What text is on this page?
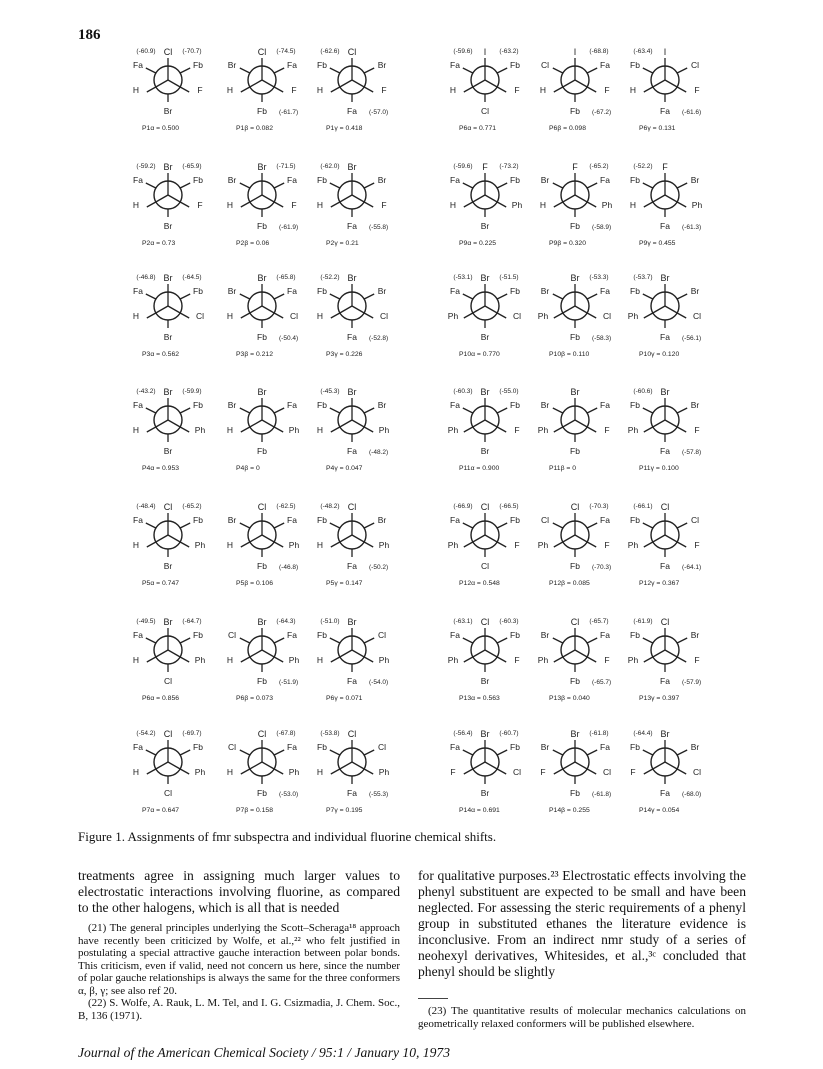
186
Cl
Fa	Fb
H	F
Br
(-60.9)	(-70.7)
P1α = 0.500
Cl
Br	Fa
H	F
Fb
(-74.5)
(-61.7)
P1β = 0.082
Cl
Fb	Br
H	F
Fa
(-62.6)
(-57.0)
P1γ = 0.418
I
Fa	Fb
H	F
Cl
(-59.6)	(-63.2)
P6α = 0.771
I
Cl	Fa
H	F
Fb
(-68.8)
(-67.2)
P6β = 0.098
I
Fb	Cl
H	F
Fa
(-63.4)
(-61.6)
P6γ = 0.131
Br
Fa	Fb
H	F
Br
(-59.2)	(-65.9)
P2α = 0.73
Br
Br	Fa
H	F
Fb
(-71.5)
(-61.9)
P2β = 0.06
Br
Fb	Br
H	F
Fa
(-62.0)
(-55.8)
P2γ = 0.21
F
Fa	Fb
H	Ph
Br
(-59.6)	(-73.2)
P9α = 0.225
F
Br	Fa
H	Ph
Fb
(-65.2)
(-58.9)
P9β = 0.320
F
Fb	Br
H	Ph
Fa
(-52.2)
(-61.3)
P9γ = 0.455
Br
Fa	Fb
H	Cl
Br
(-46.8)	(-64.5)
P3α = 0.562
Br
Br	Fa
H	Cl
Fb
(-65.8)
(-50.4)
P3β = 0.212
Br
Fb	Br
H	Cl
Fa
(-52.2)
(-52.8)
P3γ = 0.226
Br
Fa	Fb
Ph	Cl
Br
(-53.1)	(-51.5)
P10α = 0.770
Br
Br	Fa
Ph	Cl
Fb
(-53.3)
(-58.3)
P10β = 0.110
Br
Fb	Br
Ph	Cl
Fa
(-53.7)
(-56.1)
P10γ = 0.120
Br
Fa	Fb
H	Ph
Br
(-43.2)	(-59.9)
P4α = 0.953
Br
Br	Fa
H	Ph
Fb
P4β = 0
Br
Fb	Br
H	Ph
Fa
(-45.3)
(-48.2)
P4γ = 0.047
Br
Fa	Fb
Ph	F
Br
(-60.3)	(-55.0)
P11α = 0.900
Br
Br	Fa
Ph	F
Fb
P11β = 0
Br
Fb	Br
Ph	F
Fa
(-60.6)
(-57.8)
P11γ = 0.100
Cl
Fa	Fb
H	Ph
Br
(-48.4)	(-65.2)
P5α = 0.747
Cl
Br	Fa
H	Ph
Fb
(-62.5)
(-46.8)
P5β = 0.106
Cl
Fb	Br
H	Ph
Fa
(-48.2)
(-50.2)
P5γ = 0.147
Cl
Fa	Fb
Ph	F
Cl
(-66.9)	(-66.5)
P12α = 0.548
Cl
Cl	Fa
Ph	F
Fb
(-70.3)
(-70.3)
P12β = 0.085
Cl
Fb	Cl
Ph	F
Fa
(-66.1)
(-64.1)
P12γ = 0.367
Br
Fa	Fb
H	Ph
Cl
(-49.5)	(-64.7)
P6α = 0.856
Br
Cl	Fa
H	Ph
Fb
(-64.3)
(-51.9)
P6β = 0.073
Br
Fb	Cl
H	Ph
Fa
(-51.0)
(-54.0)
P6γ = 0.071
Cl
Fa	Fb
Ph	F
Br
(-63.1)	(-60.3)
P13α = 0.563
Cl
Br	Fa
Ph	F
Fb
(-65.7)
(-65.7)
P13β = 0.040
Cl
Fb	Br
Ph	F
Fa
(-61.9)
(-57.9)
P13γ = 0.397
Cl
Fa	Fb
H	Ph
Cl
(-54.2)	(-69.7)
P7α = 0.647
Cl
Cl	Fa
H	Ph
Fb
(-67.8)
(-53.0)
P7β = 0.158
Cl
Fb	Cl
H	Ph
Fa
(-53.8)
(-55.3)
P7γ = 0.195
Br
Fa	Fb
F	Cl
Br
(-56.4)	(-60.7)
P14α = 0.691
Br
Br	Fa
F	Cl
Fb
(-61.8)
(-61.8)
P14β = 0.255
Br
Fb	Br
F	Cl
Fa
(-64.4)
(-68.0)
P14γ = 0.054
Figure 1. Assignments of fmr subspectra and individual fluorine chemical shifts.

treatments agree in assigning much larger values to electrostatic interactions involving fluorine, as compared to the other halogens, which is all that is needed

(21) The general principles underlying the Scott–Scheraga¹⁸ approach have recently been criticized by Wolfe, et al.,²² who felt justified in postulating a special attractive gauche interaction between polar bonds. This criticism, even if valid, need not concern us here, since the number of polar gauche relationships is always the same for the three conformers α, β, γ; see also ref 20.

(22) S. Wolfe, A. Rauk, L. M. Tel, and I. G. Csizmadia, J. Chem. Soc., B, 136 (1971).

for qualitative purposes.²³ Electrostatic effects involving the phenyl substituent are expected to be small and have been neglected. For assessing the steric requirements of a phenyl group in substituted ethanes the literature evidence is inconclusive. From an indirect nmr study of a series of neohexyl derivatives, Whitesides, et al.,³ᶜ concluded that phenyl should be slightly

(23) The quantitative results of molecular mechanics calculations on geometrically relaxed conformers will be published elsewhere.
Journal of the American Chemical Society / 95:1 / January 10, 1973
